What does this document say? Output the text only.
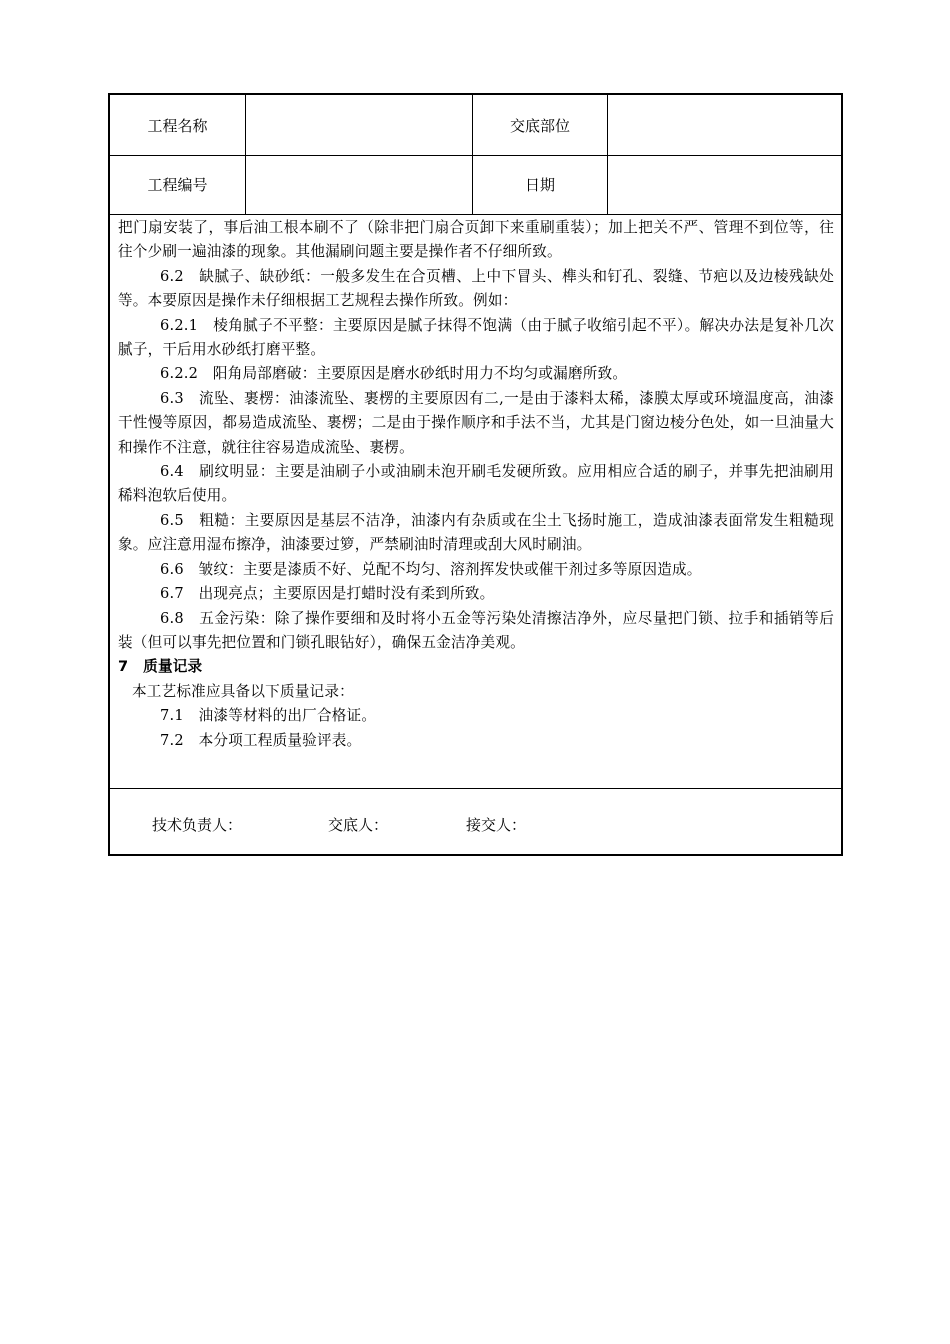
工程名称	交底部位
工程编号	日期

把门扇安装了，事后油工根本刷不了（除非把门扇合页卸下来重刷重装）；加上把关不严、管理不到位等，往往个少刷一遍油漆的现象。其他漏刷问题主要是操作者不仔细所致。

6.2　缺腻子、缺砂纸：一般多发生在合页槽、上中下冒头、榫头和钉孔、裂缝、节疤以及边棱残缺处等。本要原因是操作未仔细根据工艺规程去操作所致。例如：

6.2.1　棱角腻子不平整：主要原因是腻子抹得不饱满（由于腻子收缩引起不平）。解决办法是复补几次腻子，干后用水砂纸打磨平整。

6.2.2　阳角局部磨破：主要原因是磨水砂纸时用力不均匀或漏磨所致。

6.3　流坠、裹楞：油漆流坠、裹楞的主要原因有二,一是由于漆料太稀，漆膜太厚或环境温度高，油漆干性慢等原因，都易造成流坠、裹楞；二是由于操作顺序和手法不当，尤其是门窗边棱分色处，如一旦油量大和操作不注意，就往往容易造成流坠、裹楞。

6.4　刷纹明显：主要是油刷子小或油刷未泡开刷毛发硬所致。应用相应合适的刷子，并事先把油刷用稀料泡软后使用。

6.5　粗糙：主要原因是基层不洁净，油漆内有杂质或在尘土飞扬时施工，造成油漆表面常发生粗糙现象。应注意用湿布擦净，油漆要过箩，严禁刷油时清理或刮大风时刷油。

6.6　皱纹：主要是漆质不好、兑配不均匀、溶剂挥发快或催干剂过多等原因造成。

6.7　出现亮点；主要原因是打蜡时没有柔到所致。

6.8　五金污染：除了操作要细和及时将小五金等污染处清擦洁净外，应尽量把门锁、拉手和插销等后装（但可以事先把位置和门锁孔眼钻好），确保五金洁净美观。

7　质量记录

本工艺标准应具备以下质量记录：

7.1　油漆等材料的出厂合格证。

7.2　本分项工程质量验评表。

技术负责人：	交底人：	接交人：
